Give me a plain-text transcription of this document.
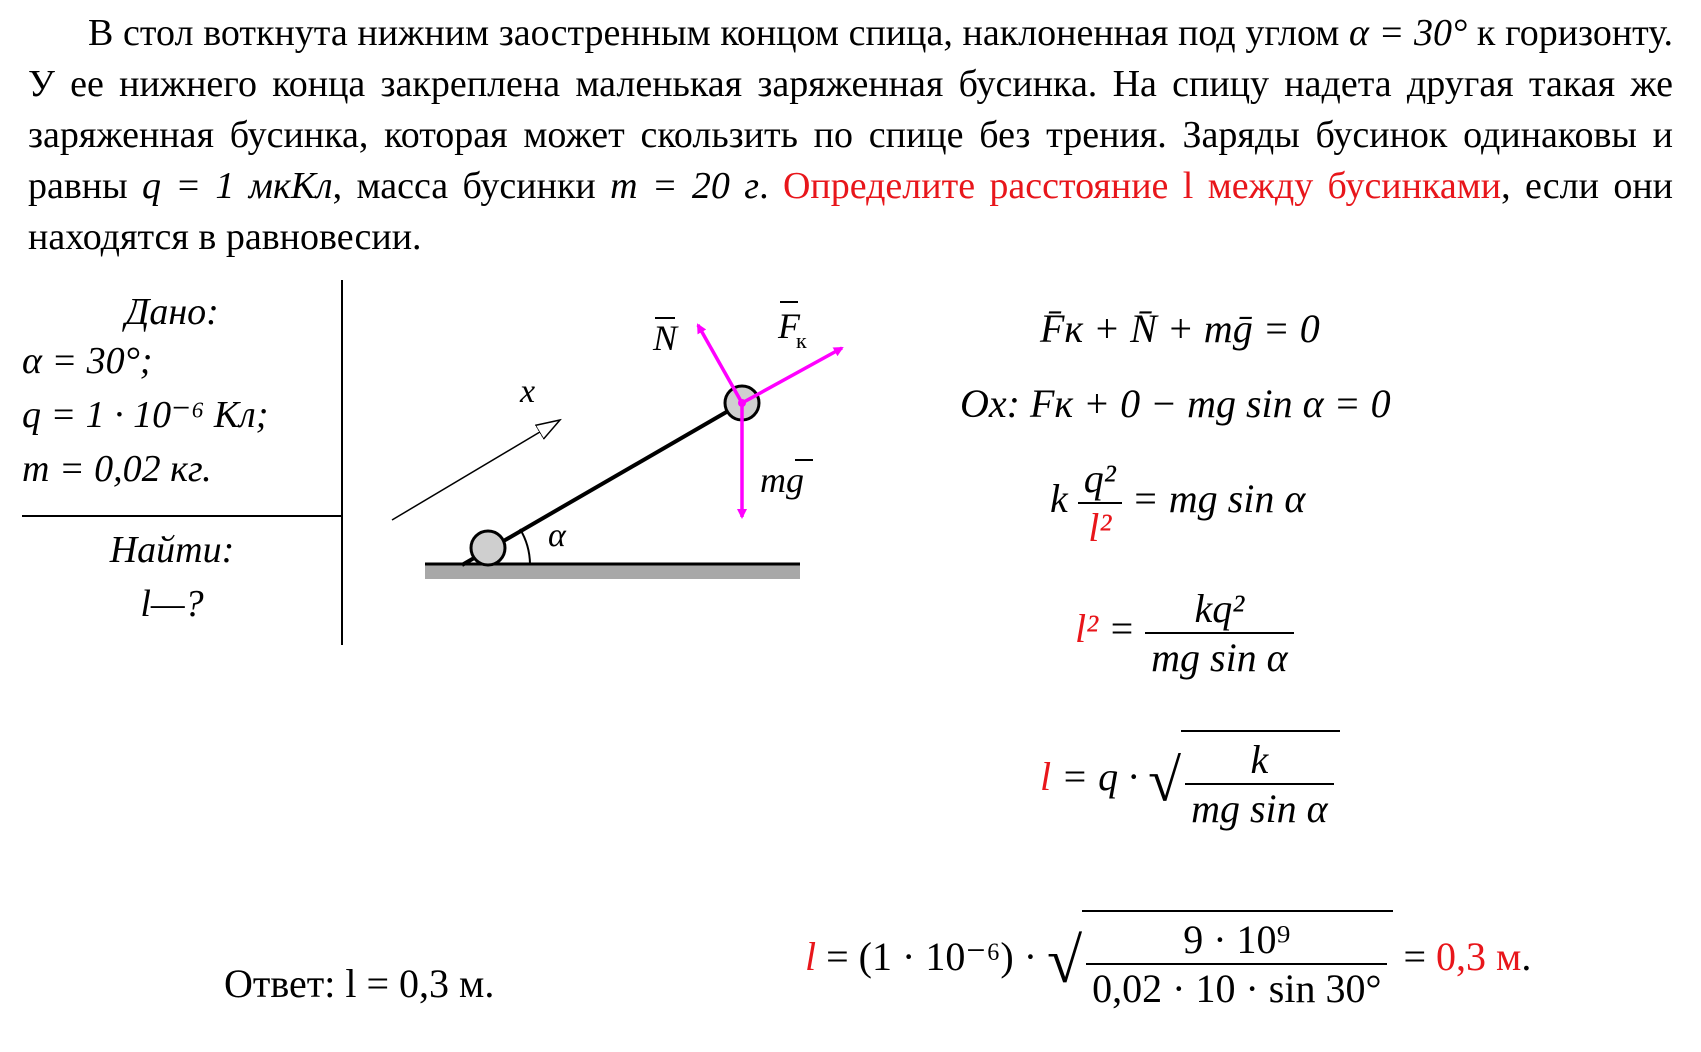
В стол воткнута нижним заостренным концом спица, наклоненная под углом α = 30° к горизонту. У ее нижнего конца закреплена маленькая заряженная бусинка. На спицу надета другая такая же заряженная бусинка, которая может скользить по спице без трения. Заряды бусинок одинаковы и равны q = 1 мкКл, масса бусинки m = 20 г. Определите расстояние l между бусинками, если они находятся в равновесии.

Дано:
α = 30°;
q = 1 · 10⁻⁶ Кл;
m = 0,02 кг.
Найти:
l—?
x
α
N	F
к
mg
F̄к + N̄ + mḡ = 0
Ox: Fк + 0 − mg sin α = 0
k $\frac{\text{q²}}{\text{l²}}$ = mg sin α
$l^2 = \frac{\text{kq²}}{\text{mg sin α}}$
l = q · √ $\frac{k}{\text{mg sin α}}$
l = (1 · 10⁻⁶) · √ $\frac{\text{9 · 10⁹}}{0,02 \cdot 10 \cdot \sin 30^\circ} = 0,3$ м.
Ответ: l = 0,3 м.
